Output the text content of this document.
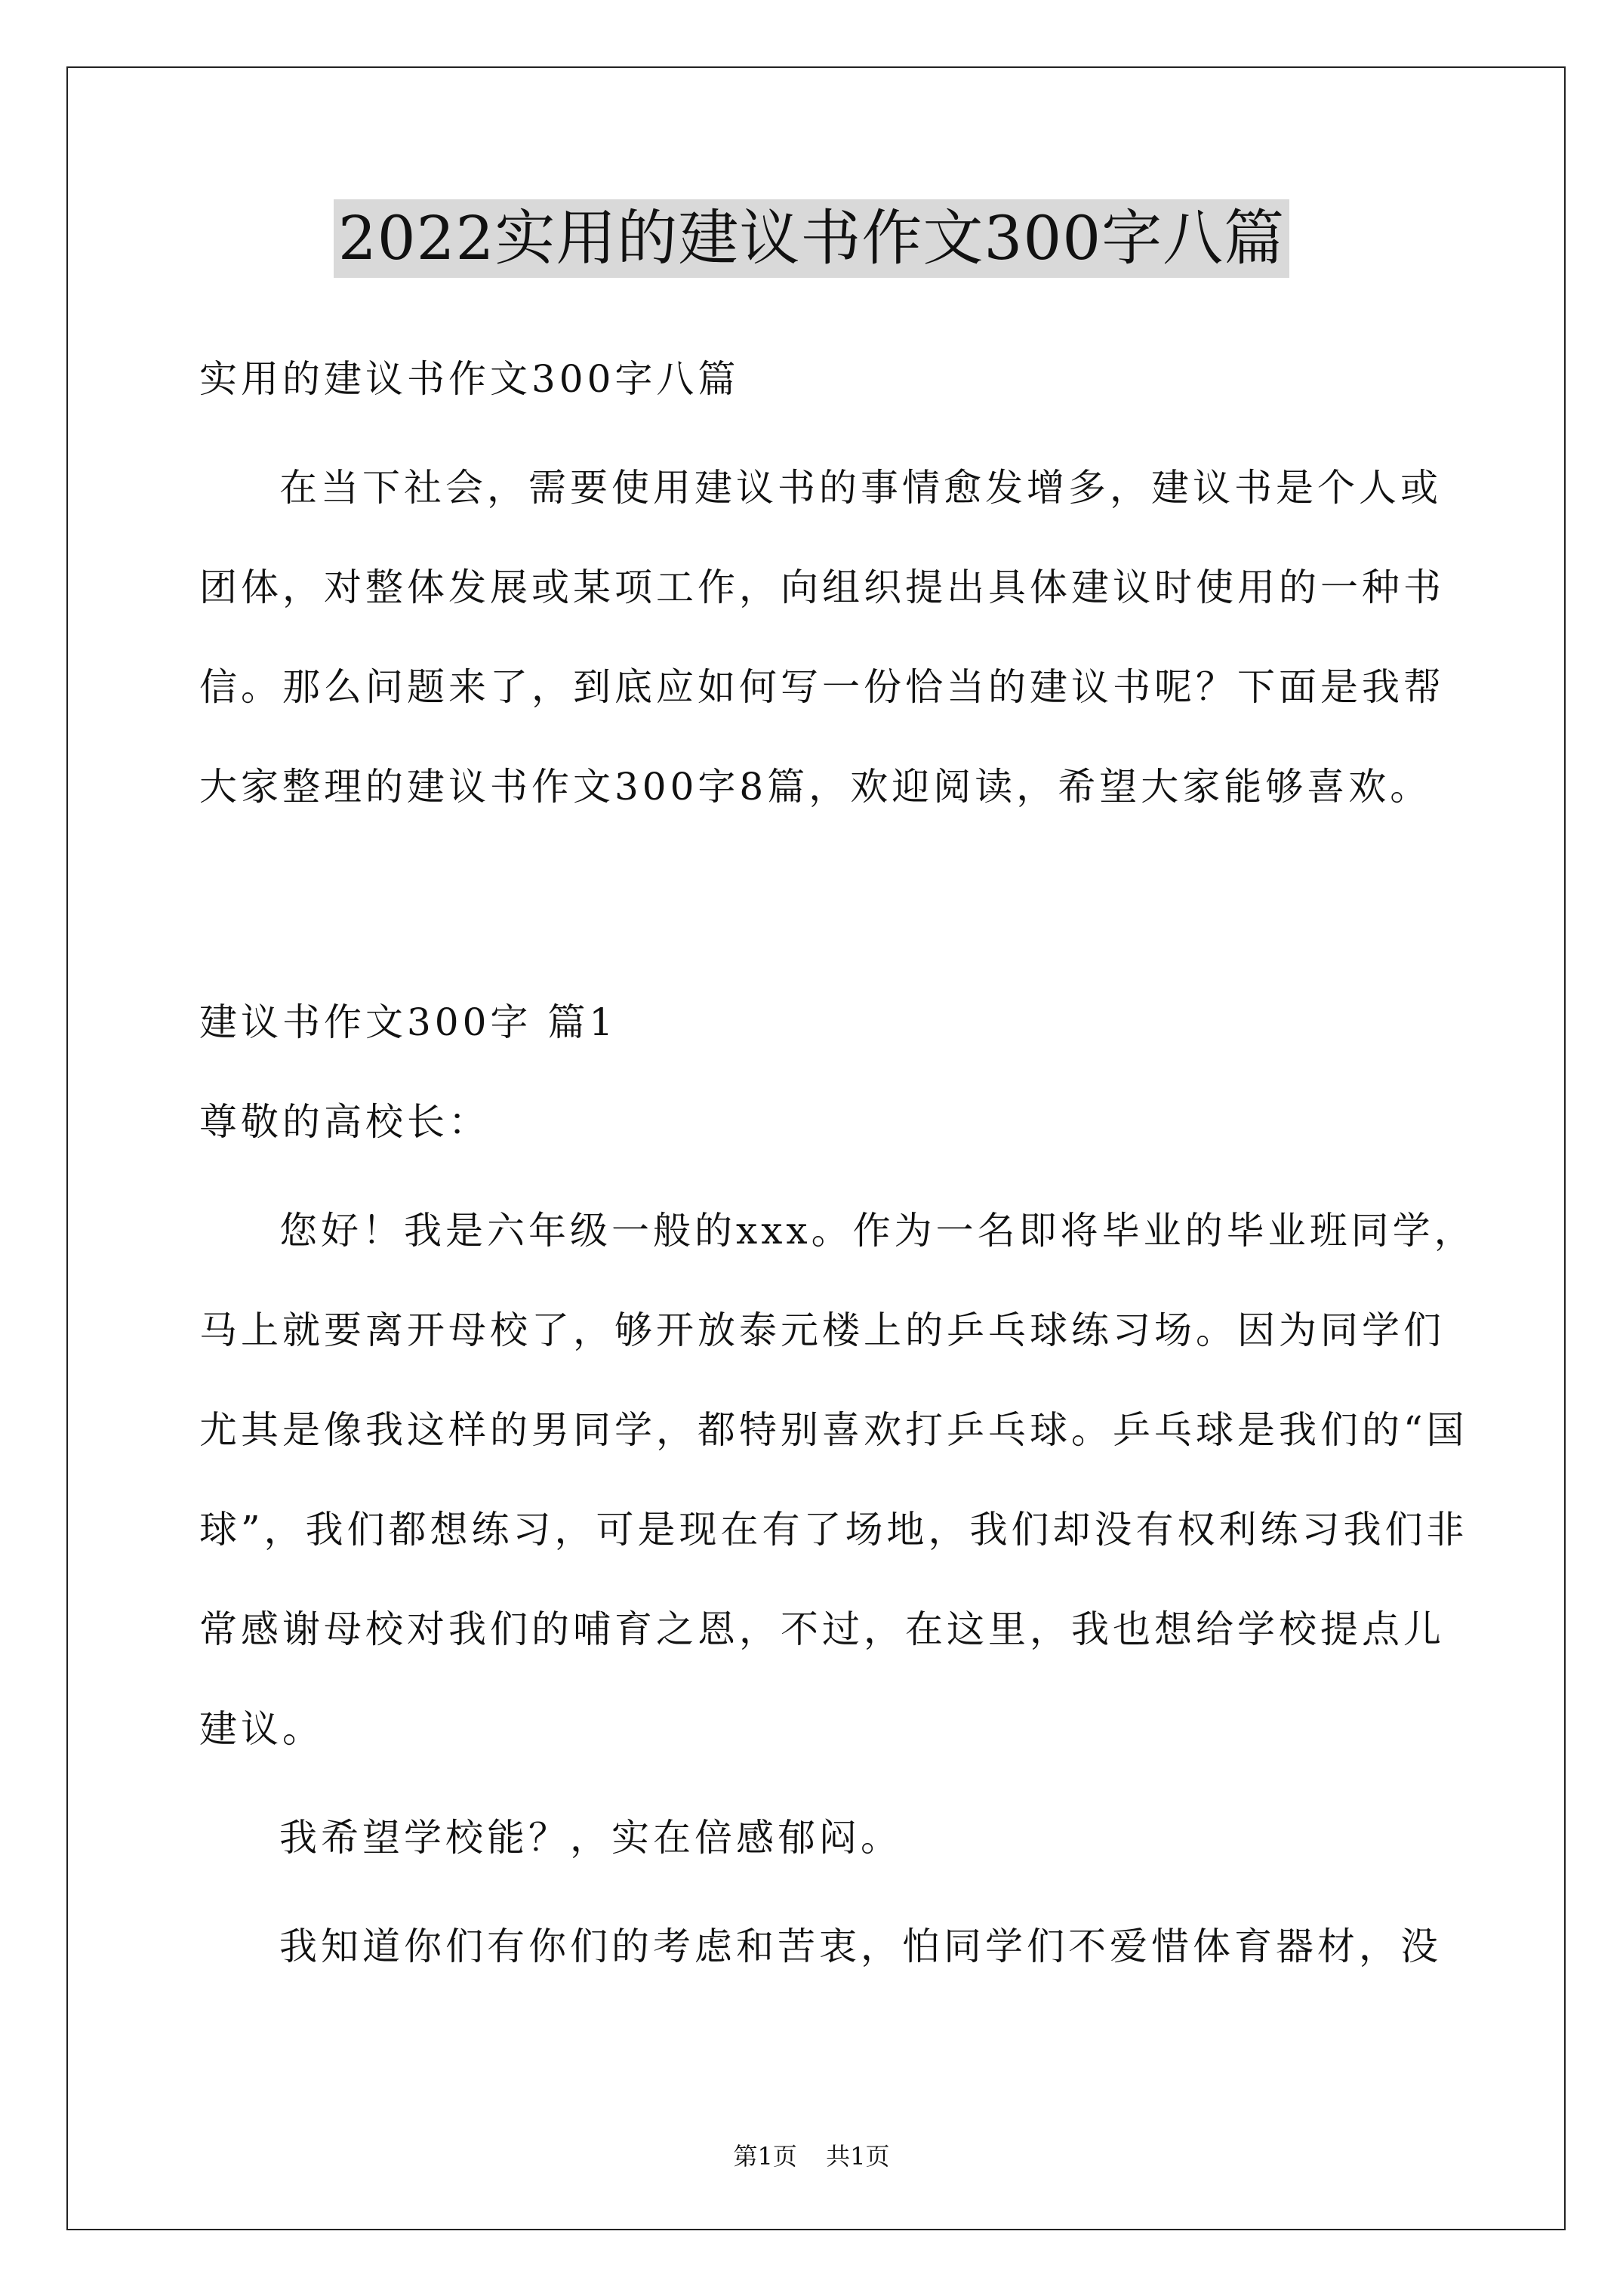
2022实用的建议书作文300字八篇
实用的建议书作文300字八篇
在当下社会，需要使用建议书的事情愈发增多，建议书是个人或
团体，对整体发展或某项工作，向组织提出具体建议时使用的一种书
信。那么问题来了，到底应如何写一份恰当的建议书呢？下面是我帮
大家整理的建议书作文300字8篇，欢迎阅读，希望大家能够喜欢。
建议书作文300字 篇1
尊敬的高校长：
您好！我是六年级一般的xxx。作为一名即将毕业的毕业班同学，
马上就要离开母校了，够开放泰元楼上的乒乓球练习场。因为同学们
尤其是像我这样的男同学，都特别喜欢打乒乓球。乒乓球是我们的“国
球”，我们都想练习，可是现在有了场地，我们却没有权利练习我们非
常感谢母校对我们的哺育之恩，不过，在这里，我也想给学校提点儿
建议。
我希望学校能？，实在倍感郁闷。
我知道你们有你们的考虑和苦衷，怕同学们不爱惜体育器材，没
第1页 共1页
